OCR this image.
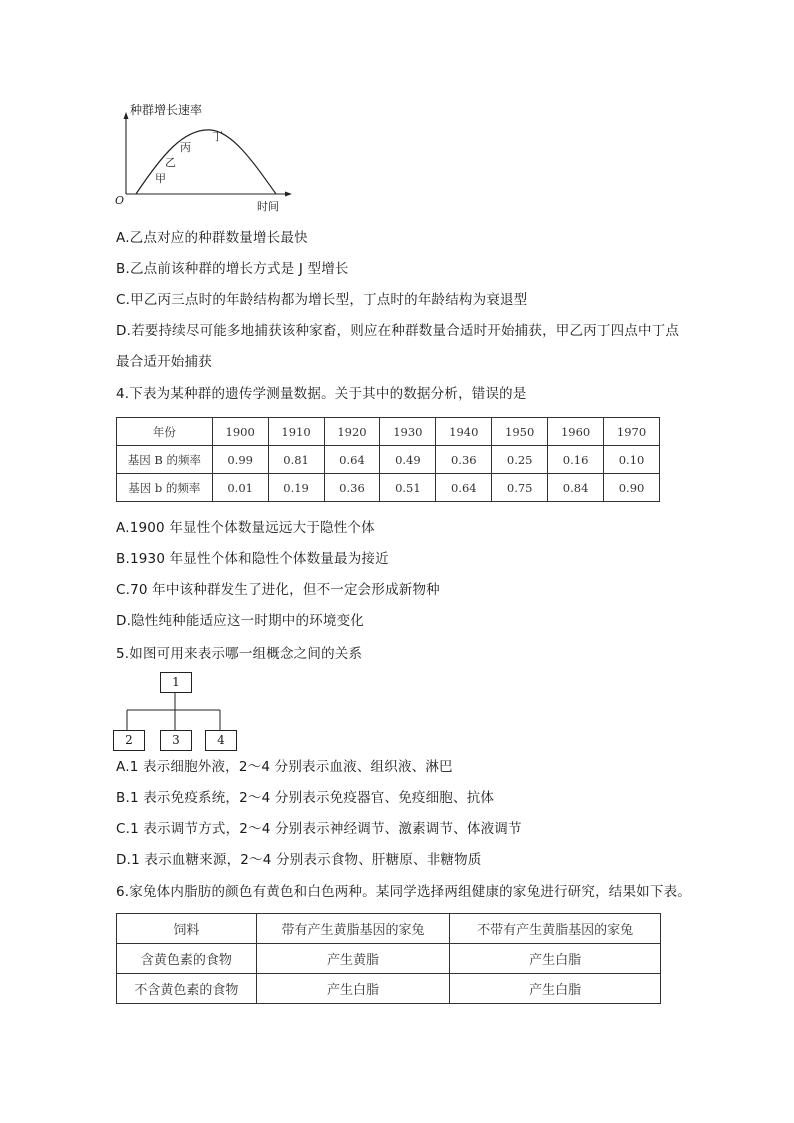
种群增长速率
时间
O
甲
乙
丙
丁
A.乙点对应的种群数量增长最快
B.乙点前该种群的增长方式是 J 型增长
C.甲乙丙三点时的年龄结构都为增长型，丁点时的年龄结构为衰退型
D.若要持续尽可能多地捕获该种家畜，则应在种群数量合适时开始捕获，甲乙丙丁四点中丁点
最合适开始捕获
4.下表为某种群的遗传学测量数据。关于其中的数据分析，错误的是
年份	1900	1910	1920	1930	1940	1950	1960	1970
基因 B 的频率	0.99	0.81	0.64	0.49	0.36	0.25	0.16	0.10
基因 b 的频率	0.01	0.19	0.36	0.51	0.64	0.75	0.84	0.90
A.1900 年显性个体数量远远大于隐性个体
B.1930 年显性个体和隐性个体数量最为接近
C.70 年中该种群发生了进化，但不一定会形成新物种
D.隐性纯种能适应这一时期中的环境变化
5.如图可用来表示哪一组概念之间的关系
1
2	3	4
A.1 表示细胞外液，2～4 分别表示血液、组织液、淋巴
B.1 表示免疫系统，2～4 分别表示免疫器官、免疫细胞、抗体
C.1 表示调节方式，2～4 分别表示神经调节、激素调节、体液调节
D.1 表示血糖来源，2～4 分别表示食物、肝糖原、非糖物质
6.家兔体内脂肪的颜色有黄色和白色两种。某同学选择两组健康的家兔进行研究，结果如下表。
饲料	带有产生黄脂基因的家兔	不带有产生黄脂基因的家兔
含黄色素的食物	产生黄脂	产生白脂
不含黄色素的食物	产生白脂	产生白脂
